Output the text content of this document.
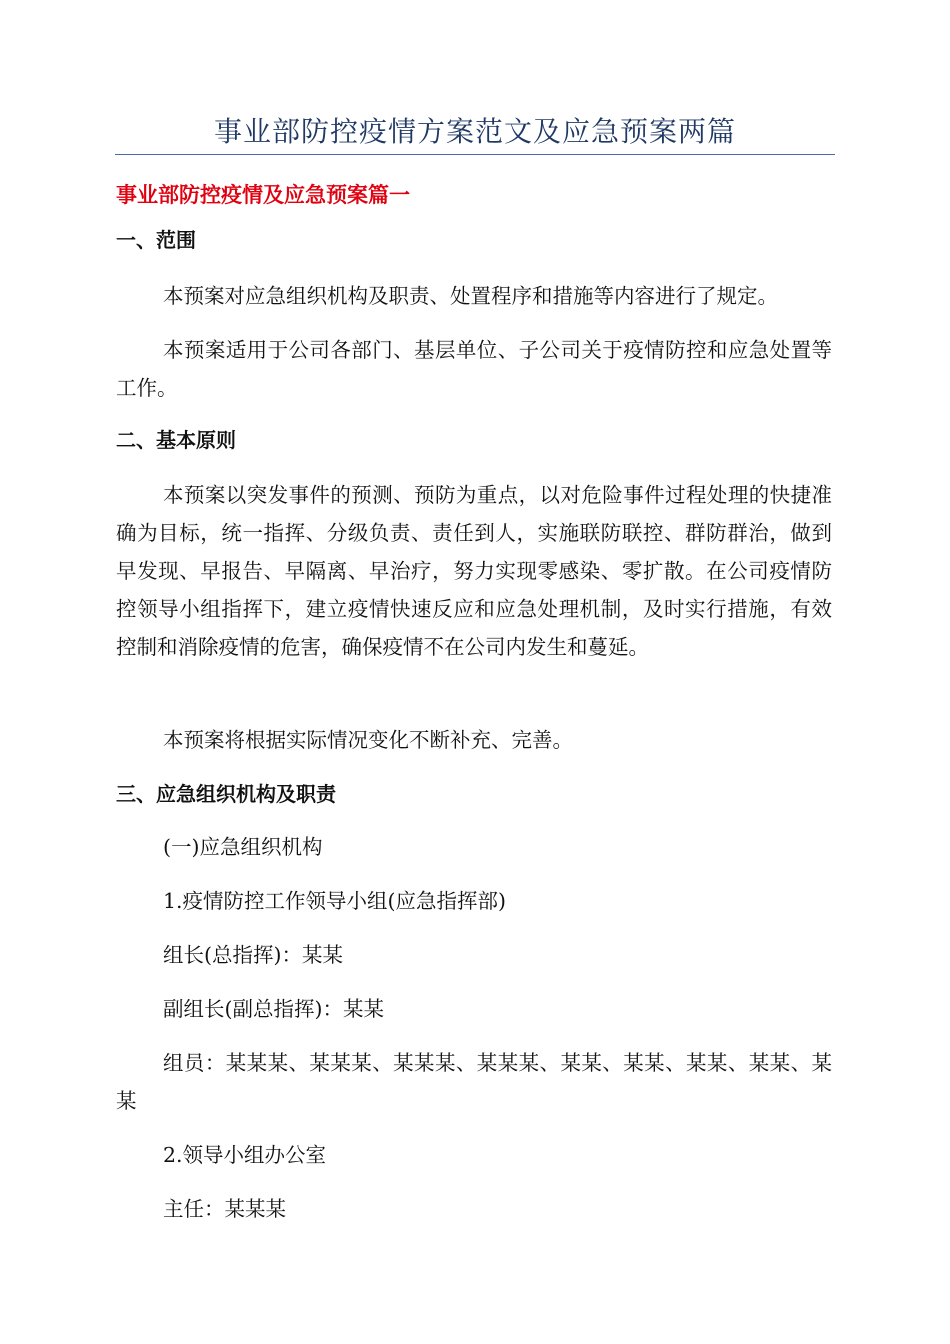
事业部防控疫情方案范文及应急预案两篇
事业部防控疫情及应急预案篇一
一、范围

本预案对应急组织机构及职责、处置程序和措施等内容进行了规定。

本预案适用于公司各部门、基层单位、子公司关于疫情防控和应急处置等工作。

二、基本原则

本预案以突发事件的预测、预防为重点，以对危险事件过程处理的快捷准确为目标，统一指挥、分级负责、责任到人，实施联防联控、群防群治，做到早发现、早报告、早隔离、早治疗，努力实现零感染、零扩散。在公司疫情防控领导小组指挥下，建立疫情快速反应和应急处理机制，及时实行措施，有效控制和消除疫情的危害，确保疫情不在公司内发生和蔓延。

本预案将根据实际情况变化不断补充、完善。

三、应急组织机构及职责
(一)应急组织机构
1.疫情防控工作领导小组(应急指挥部)
组长(总指挥)：某某
副组长(副总指挥)：某某

组员：某某某、某某某、某某某、某某某、某某、某某、某某、某某、某某

2.领导小组办公室
主任：某某某
